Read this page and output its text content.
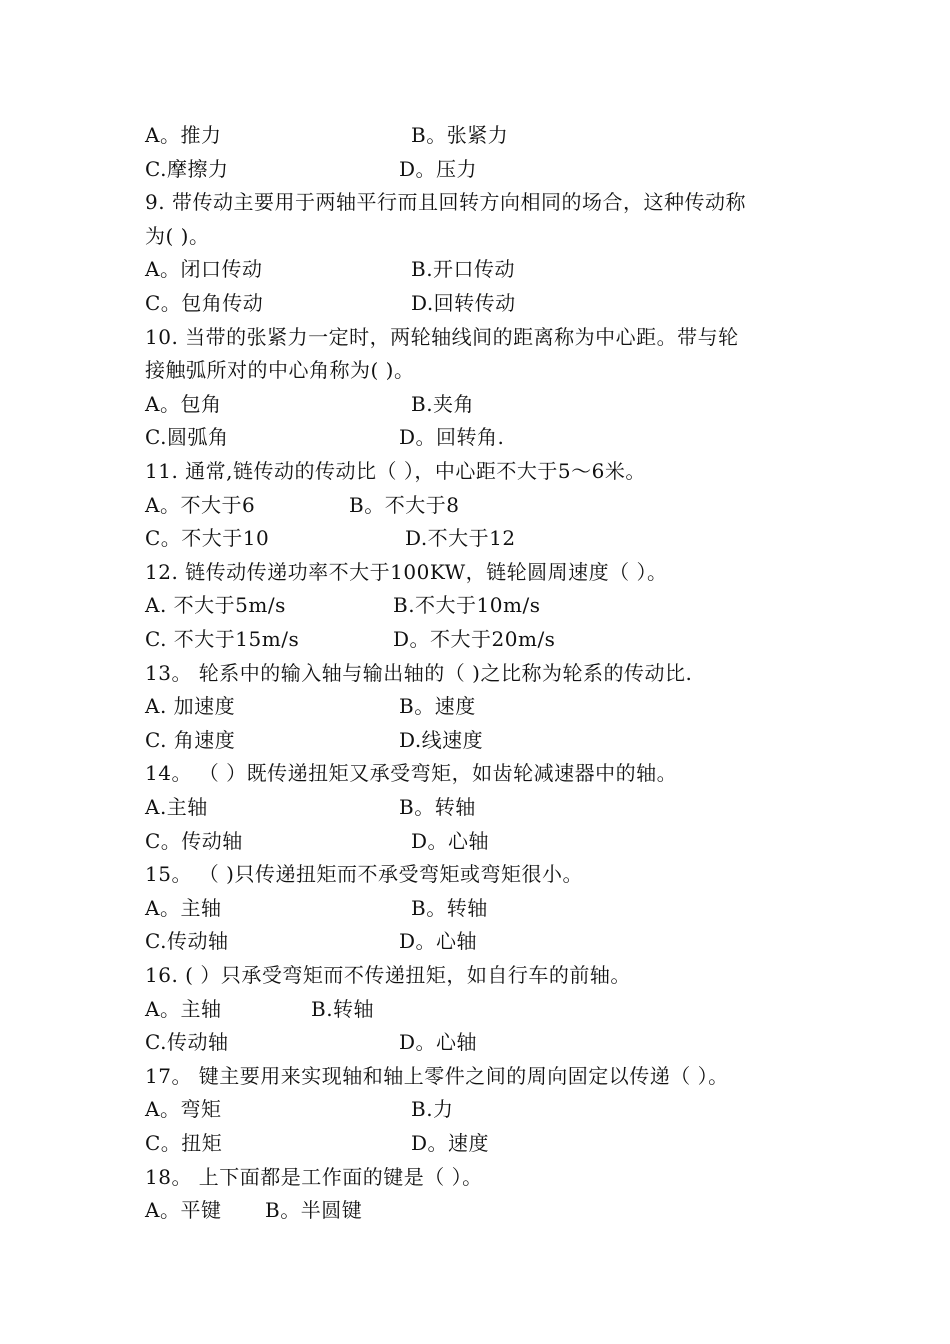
A。推力	B。张紧力
C.摩擦力	D。压力
9. 带传动主要用于两轴平行而且回转方向相同的场合，这种传动称
为( )。
A。闭口传动	B.开口传动
C。包角传动	D.回转传动
10. 当带的张紧力一定时，两轮轴线间的距离称为中心距。带与轮
接触弧所对的中心角称为( )。
A。包角	B.夹角
C.圆弧角	D。回转角.
11. 通常,链传动的传动比（ ），中心距不大于5～6米。
A。不大于6	B。不大于8
C。不大于10	D.不大于12
12. 链传动传递功率不大于100KW，链轮圆周速度（ ）。
A. 不大于5m/s	B.不大于10m/s
C. 不大于15m/s	D。不大于20m/s
13。 轮系中的输入轴与输出轴的（ )之比称为轮系的传动比.
A. 加速度	B。速度
C. 角速度	D.线速度
14。 （ ）既传递扭矩又承受弯矩，如齿轮减速器中的轴。
A.主轴	B。转轴
C。传动轴	D。心轴
15。 （ )只传递扭矩而不承受弯矩或弯矩很小。
A。主轴	B。转轴
C.传动轴	D。心轴
16. ( ）只承受弯矩而不传递扭矩，如自行车的前轴。
A。主轴	B.转轴
C.传动轴	D。心轴
17。 键主要用来实现轴和轴上零件之间的周向固定以传递（ ）。
A。弯矩	B.力
C。扭矩	D。速度
18。 上下面都是工作面的键是（ ）。
A。平键 B。半圆键
